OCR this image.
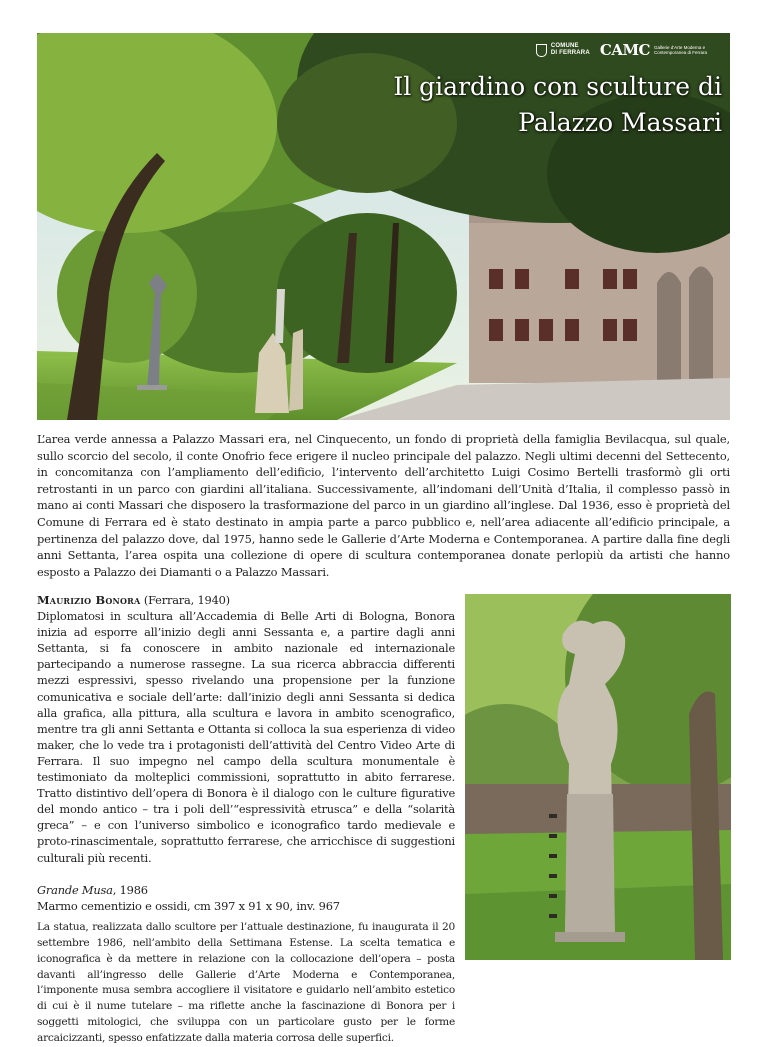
COMUNE
DI FERRARA CAMC Gallerie d'Arte Moderna e
Contemporanea di Ferrara
Il giardino con sculture di
Palazzo Massari

L’area verde annessa a Palazzo Massari era, nel Cinquecento, un fondo di proprietà della famiglia Bevilacqua, sul quale, sullo scorcio del secolo, il conte Onofrio fece erigere il nucleo principale del palazzo. Negli ultimi decenni del Settecento, in concomitanza con l’ampliamento dell’edificio, l’intervento dell’architetto Luigi Cosimo Bertelli trasformò gli orti retrostanti in un parco con giardini all’italiana. Successivamente, all’indomani dell’Unità d’Italia, il complesso passò in mano ai conti Massari che disposero la trasformazione del parco in un giardino all’inglese. Dal 1936, esso è proprietà del Comune di Ferrara ed è stato destinato in ampia parte a parco pubblico e, nell’area adiacente all’edificio principale, a pertinenza del palazzo dove, dal 1975, hanno sede le Gallerie d’Arte Moderna e Contemporanea. A partire dalla fine degli anni Settanta, l’area ospita una collezione di opere di scultura contemporanea donate perlopiù da artisti che hanno esposto a Palazzo dei Diamanti o a Palazzo Massari.

Maurizio Bonora (Ferrara, 1940)

Diplomatosi in scultura all’Accademia di Belle Arti di Bologna, Bonora inizia ad esporre all’inizio degli anni Sessanta e, a partire dagli anni Settanta, si fa conoscere in ambito nazionale ed internazionale partecipando a numerose rassegne. La sua ricerca abbraccia differenti mezzi espressivi, spesso rivelando una propensione per la funzione comunicativa e sociale dell’arte: dall’inizio degli anni Sessanta si dedica alla grafica, alla pittura, alla scultura e lavora in ambito scenografico, mentre tra gli anni Settanta e Ottanta si colloca la sua esperienza di video maker, che lo vede tra i protagonisti dell’attività del Centro Video Arte di Ferrara. Il suo impegno nel campo della scultura monumentale è testimoniato da molteplici commissioni, soprattutto in abito ferrarese. Tratto distintivo dell’opera di Bonora è il dialogo con le culture figurative del mondo antico – tra i poli dell’“espressività etrusca” e della “solarità greca” – e con l’universo simbolico e iconografico tardo medievale e proto-rinascimentale, soprattutto ferrarese, che arricchisce di suggestioni culturali più recenti.

Grande Musa, 1986

Marmo cementizio e ossidi, cm 397 x 91 x 90, inv. 967

La statua, realizzata dallo scultore per l’attuale destinazione, fu inaugurata il 20 settembre 1986, nell’ambito della Settimana Estense. La scelta tematica e iconografica è da mettere in relazione con la collocazione dell’opera – posta davanti all’ingresso delle Gallerie d’Arte Moderna e Contemporanea, l’imponente musa sembra accogliere il visitatore e guidarlo nell’ambito estetico di cui è il nume tutelare – ma riflette anche la fascinazione di Bonora per i soggetti mitologici, che sviluppa con un particolare gusto per le forme arcaicizzanti, spesso enfatizzate dalla materia corrosa delle superfici.
